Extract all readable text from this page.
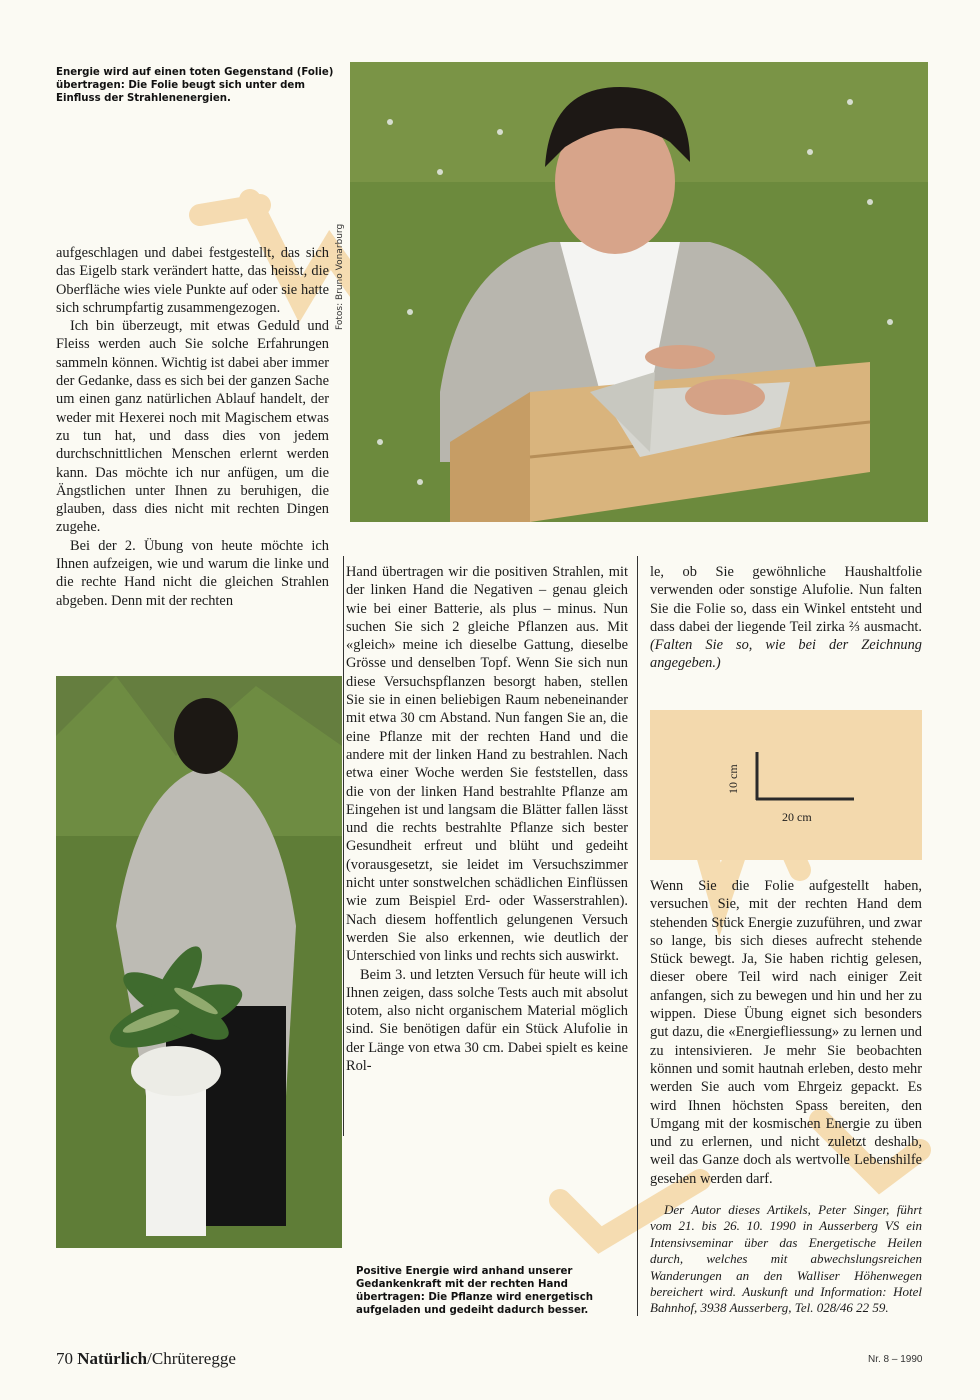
Energie wird auf einen toten Gegenstand (Folie) übertragen: Die Folie beugt sich unter dem Einfluss der Strahlenenergien.
Fotos: Bruno Vonarburg

aufgeschlagen und dabei festgestellt, das sich das Eigelb stark verändert hatte, das heisst, die Oberfläche wies viele Punkte auf oder sie hatte sich schrumpfartig zusammengezogen.

Ich bin überzeugt, mit etwas Geduld und Fleiss werden auch Sie solche Erfahrungen sammeln können. Wichtig ist dabei aber immer der Gedanke, dass es sich bei der ganzen Sache um einen ganz natürlichen Ablauf handelt, der weder mit Hexerei noch mit Magischem etwas zu tun hat, und dass dies von jedem durchschnittlichen Menschen erlernt werden kann. Das möchte ich nur anfügen, um die Ängstlichen unter Ihnen zu beruhigen, die glauben, dass dies nicht mit rechten Dingen zugehe.

Bei der 2. Übung von heute möchte ich Ihnen aufzeigen, wie und warum die linke und die rechte Hand nicht die gleichen Strahlen abgeben. Denn mit der rechten

Positive Energie wird anhand unserer Gedankenkraft mit der rechten Hand übertragen: Die Pflanze wird energetisch aufgeladen und gedeiht dadurch besser.

Hand übertragen wir die positiven Strahlen, mit der linken Hand die Negativen – genau gleich wie bei einer Batterie, als plus – minus. Nun suchen Sie sich 2 gleiche Pflanzen aus. Mit «gleich» meine ich dieselbe Gattung, dieselbe Grösse und denselben Topf. Wenn Sie sich nun diese Versuchspflanzen besorgt haben, stellen Sie sie in einen beliebigen Raum nebeneinander mit etwa 30 cm Abstand. Nun fangen Sie an, die eine Pflanze mit der rechten Hand und die andere mit der linken Hand zu bestrahlen. Nach etwa einer Woche werden Sie feststellen, dass die von der linken Hand bestrahlte Pflanze am Eingehen ist und langsam die Blätter fallen lässt und die rechts bestrahlte Pflanze sich bester Gesundheit erfreut und blüht und gedeiht (vorausgesetzt, sie leidet im Versuchszimmer nicht unter sonstwelchen schädlichen Einflüssen wie zum Beispiel Erd- oder Wasserstrahlen). Nach diesem hoffentlich gelungenen Versuch werden Sie also erkennen, wie deutlich der Unterschied von links und rechts sich auswirkt.

Beim 3. und letzten Versuch für heute will ich Ihnen zeigen, dass solche Tests auch mit absolut totem, also nicht organischem Material möglich sind. Sie benötigen dafür ein Stück Alufolie in der Länge von etwa 30 cm. Dabei spielt es keine Rol-

le, ob Sie gewöhnliche Haushaltfolie verwenden oder sonstige Alufolie. Nun falten Sie die Folie so, dass ein Winkel entsteht und dass dabei der liegende Teil zirka ⅔ ausmacht. (Falten Sie so, wie bei der Zeichnung angegeben.)
10 cm
20 cm

Wenn Sie die Folie aufgestellt haben, versuchen Sie, mit der rechten Hand dem stehenden Stück Energie zuzuführen, und zwar so lange, bis sich dieses aufrecht stehende Stück bewegt. Ja, Sie haben richtig gelesen, dieser obere Teil wird nach einiger Zeit anfangen, sich zu bewegen und hin und her zu wippen. Diese Übung eignet sich besonders gut dazu, die «Energiefliessung» zu lernen und zu intensivieren. Je mehr Sie beobachten können und somit hautnah erleben, desto mehr werden Sie auch vom Ehrgeiz gepackt. Es wird Ihnen höchsten Spass bereiten, den Umgang mit der kosmischen Energie zu üben und zu erlernen, und nicht zuletzt deshalb, weil das Ganze doch als wertvolle Lebenshilfe gesehen werden darf.

Der Autor dieses Artikels, Peter Singer, führt vom 21. bis 26. 10. 1990 in Ausserberg VS ein Intensivseminar über das Energetische Heilen durch, welches mit abwechslungsreichen Wanderungen an den Walliser Höhenwegen bereichert wird. Auskunft und Information: Hotel Bahnhof, 3938 Ausserberg, Tel. 028/46 22 59.

70 Natürlich/Chrüteregge	Nr. 8 – 1990
